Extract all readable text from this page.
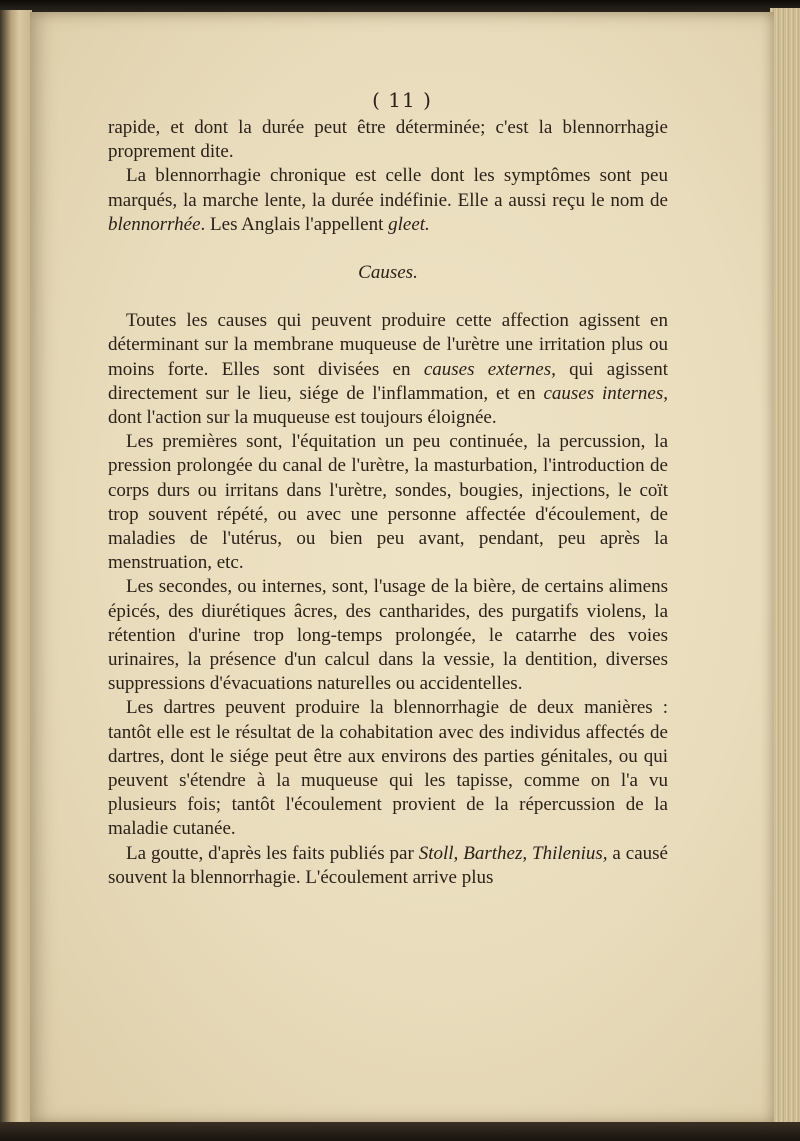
( 11 )

rapide, et dont la durée peut être déterminée; c'est la blennorrhagie proprement dite.

La blennorrhagie chronique est celle dont les symptômes sont peu marqués, la marche lente, la durée indéfinie. Elle a aussi reçu le nom de blennorrhée. Les Anglais l'appellent gleet.

Causes.

Toutes les causes qui peuvent produire cette affection agissent en déterminant sur la membrane muqueuse de l'urètre une irritation plus ou moins forte. Elles sont divisées en causes externes, qui agissent directement sur le lieu, siége de l'inflammation, et en causes internes, dont l'action sur la muqueuse est toujours éloignée.

Les premières sont, l'équitation un peu continuée, la percussion, la pression prolongée du canal de l'urètre, la masturbation, l'introduction de corps durs ou irritans dans l'urètre, sondes, bougies, injections, le coït trop souvent répété, ou avec une personne affectée d'écoulement, de maladies de l'utérus, ou bien peu avant, pendant, peu après la menstruation, etc.

Les secondes, ou internes, sont, l'usage de la bière, de certains alimens épicés, des diurétiques âcres, des cantharides, des purgatifs violens, la rétention d'urine trop long-temps prolongée, le catarrhe des voies urinaires, la présence d'un calcul dans la vessie, la dentition, diverses suppressions d'évacuations naturelles ou accidentelles.

Les dartres peuvent produire la blennorrhagie de deux manières : tantôt elle est le résultat de la cohabitation avec des individus affectés de dartres, dont le siége peut être aux environs des parties génitales, ou qui peuvent s'étendre à la muqueuse qui les tapisse, comme on l'a vu plusieurs fois; tantôt l'écoulement provient de la répercussion de la maladie cutanée.

La goutte, d'après les faits publiés par Stoll, Barthez, Thilenius, a causé souvent la blennorrhagie. L'écoulement arrive plus
